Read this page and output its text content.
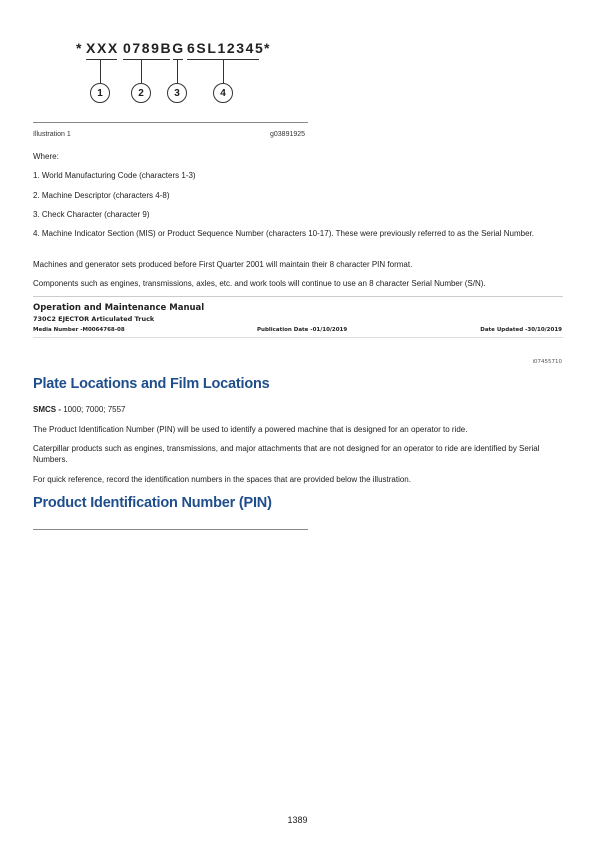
* XXX 0789BG 6SL12345 *
1	2	3	4
Illustration 1	g03891925
Where:
1. World Manufacturing Code (characters 1-3)
2. Machine Descriptor (characters 4-8)
3. Check Character (character 9)
4. Machine Indicator Section (MIS) or Product Sequence Number (characters 10-17). These were previously referred to as the Serial Number.
Machines and generator sets produced before First Quarter 2001 will maintain their 8 character PIN format.
Components such as engines, transmissions, axles, etc. and work tools will continue to use an 8 character Serial Number (S/N).
Operation and Maintenance Manual
730C2 EJECTOR Articulated Truck
Media Number -M0064768-08	Publication Date -01/10/2019	Date Updated -30/10/2019
i07455710
Plate Locations and Film Locations
SMCS - 1000; 7000; 7557
The Product Identification Number (PIN) will be used to identify a powered machine that is designed for an operator to ride.
Caterpillar products such as engines, transmissions, and major attachments that are not designed for an operator to ride are identified by Serial Numbers.
For quick reference, record the identification numbers in the spaces that are provided below the illustration.
Product Identification Number (PIN)
1389
